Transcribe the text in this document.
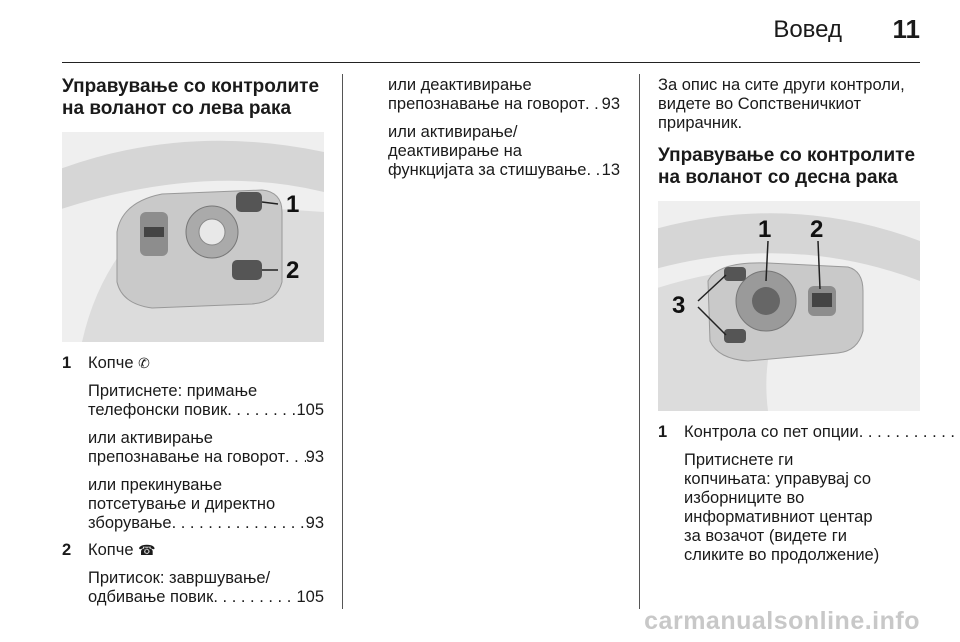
Вовед 11
Управување со контролите на воланот со лева рака
1
2
1	Копче ✆
Притиснете: примање
телефонски повик . . .	105
или активирање
препознавање на говорот . . . 93
или прекинување
потсетување и директно
зборување . . .	93
2	Копче ☎
Притисок: завршување/
одбивање повик . . .	105
или деактивирање
препознавање на говорот . . . 93
или активирање/
деактивирање на
функцијата за стишување . . . 13
За опис на сите други контроли,
видете во Сопственичкиот
прирачник.
Управување со контролите на воланот со десна рака
1 2
3
1	Контрола со пет опции
. . .
Притиснете ги
копчињата: управувај со
изборниците во
информативниот центар
за возачот (видете ги
сликите во продолжение)
carmanualsonline.info
